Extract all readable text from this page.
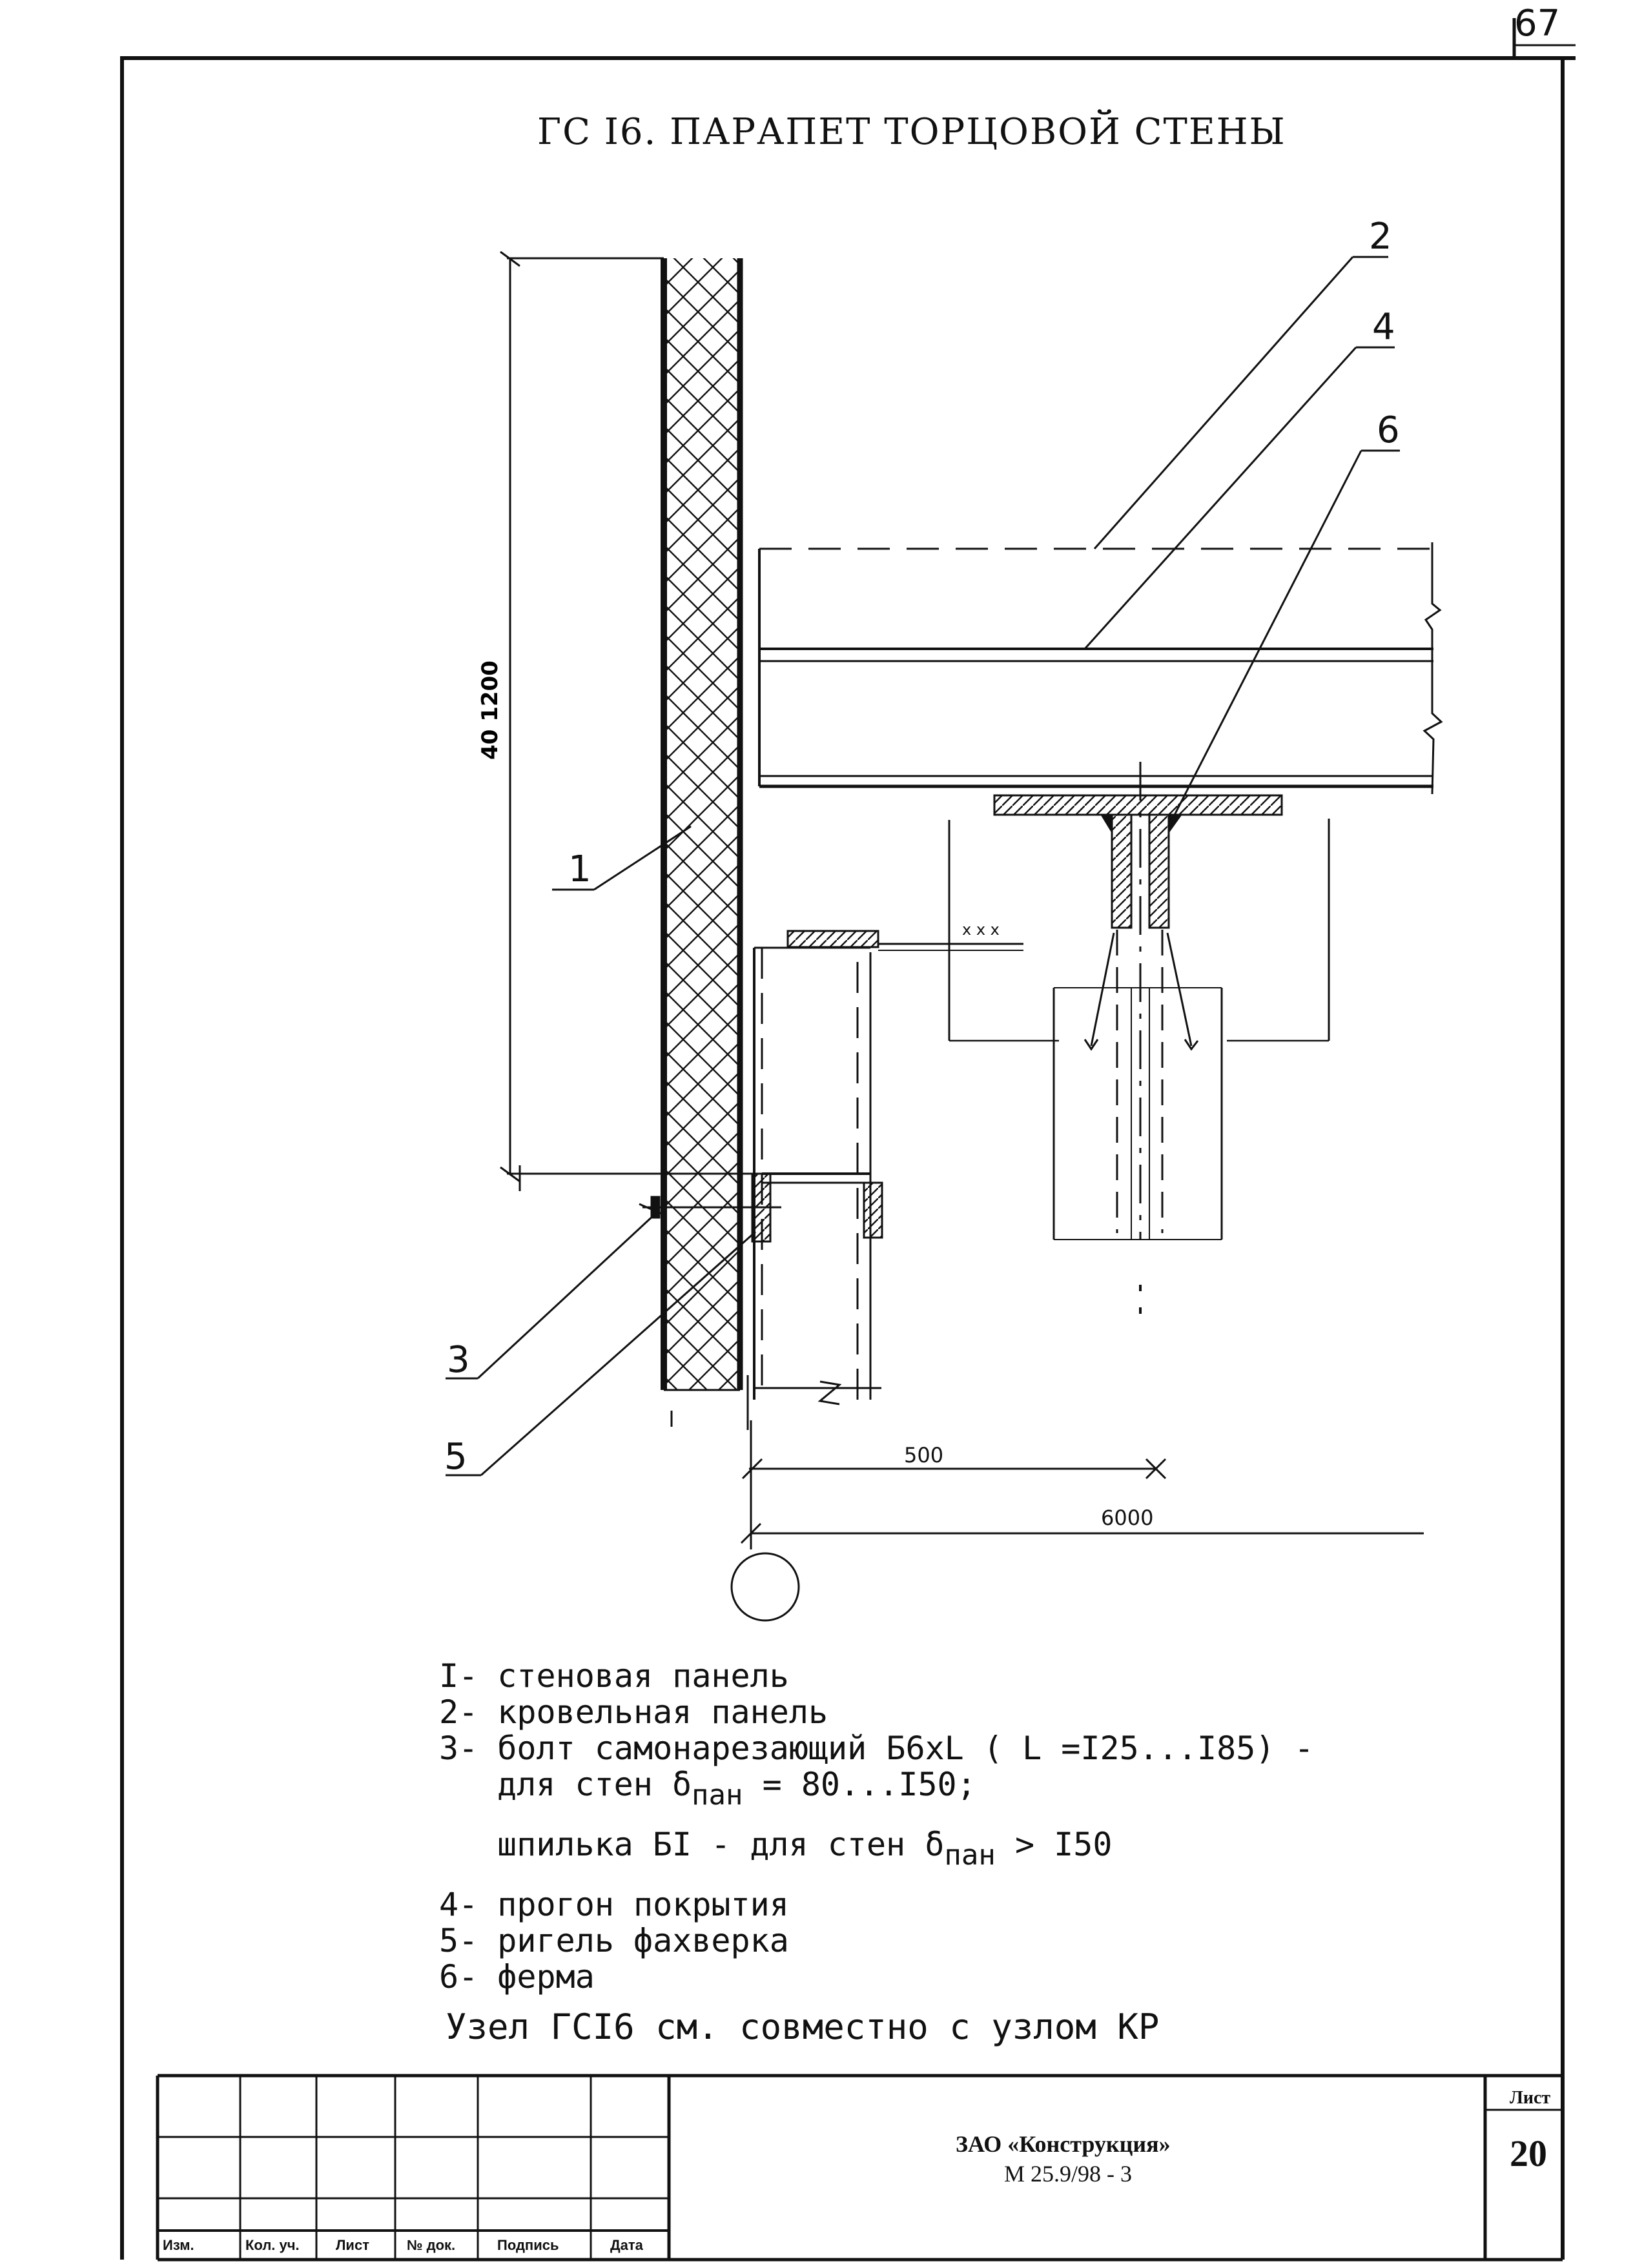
40 1200
x x x
1
2
4
6
3
5	500
6000
67
ГС I6. ПАРАПЕТ ТОРЦОВОЙ СТЕНЫ
I- стеновая панель
2- кровельная панель
3- болт самонарезающий Б6хL ( L =I25...I85) -
для стен δпан = 80...I50;
шпилька БI - для стен δпан > I50
4- прогон покрытия
5- ригель фахверка
6- ферма
Узел ГСI6 см. совместно с узлом КР
Изм.	Кол. уч.	Лист	№ док.	Подпись	Дата
ЗАО «Конструкция»
М 25.9/98 - 3
Лист
20
